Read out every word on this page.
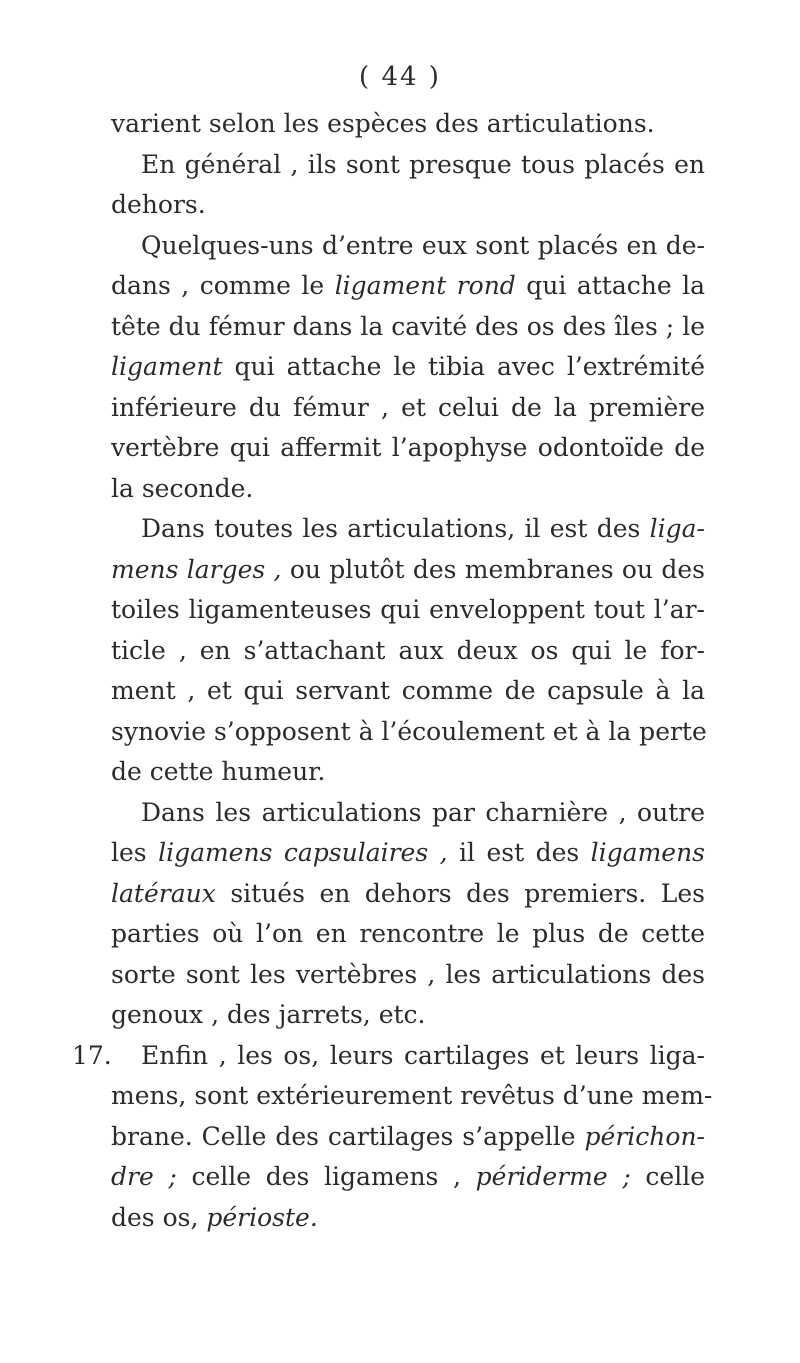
( 44 )
17.
varient selon les espèces des articulations.
En général , ils sont presque tous placés en
dehors.
Quelques-uns d’entre eux sont placés en de-
dans , comme le ligament rond qui attache la
tête du fémur dans la cavité des os des îles ; le
ligament qui attache le tibia avec l’extrémité
inférieure du fémur , et celui de la première
vertèbre qui affermit l’apophyse odontoïde de
la seconde.
Dans toutes les articulations, il est des liga-
mens larges , ou plutôt des membranes ou des
toiles ligamenteuses qui enveloppent tout l’ar-
ticle , en s’attachant aux deux os qui le for-
ment , et qui servant comme de capsule à la
synovie s’opposent à l’écoulement et à la perte
de cette humeur.
Dans les articulations par charnière , outre
les ligamens capsulaires , il est des ligamens
latéraux situés en dehors des premiers. Les
parties où l’on en rencontre le plus de cette
sorte sont les vertèbres , les articulations des
genoux , des jarrets, etc.
Enfin , les os, leurs cartilages et leurs liga-
mens, sont extérieurement revêtus d’une mem-
brane. Celle des cartilages s’appelle périchon-
dre ; celle des ligamens , périderme ; celle
des os, périoste.
